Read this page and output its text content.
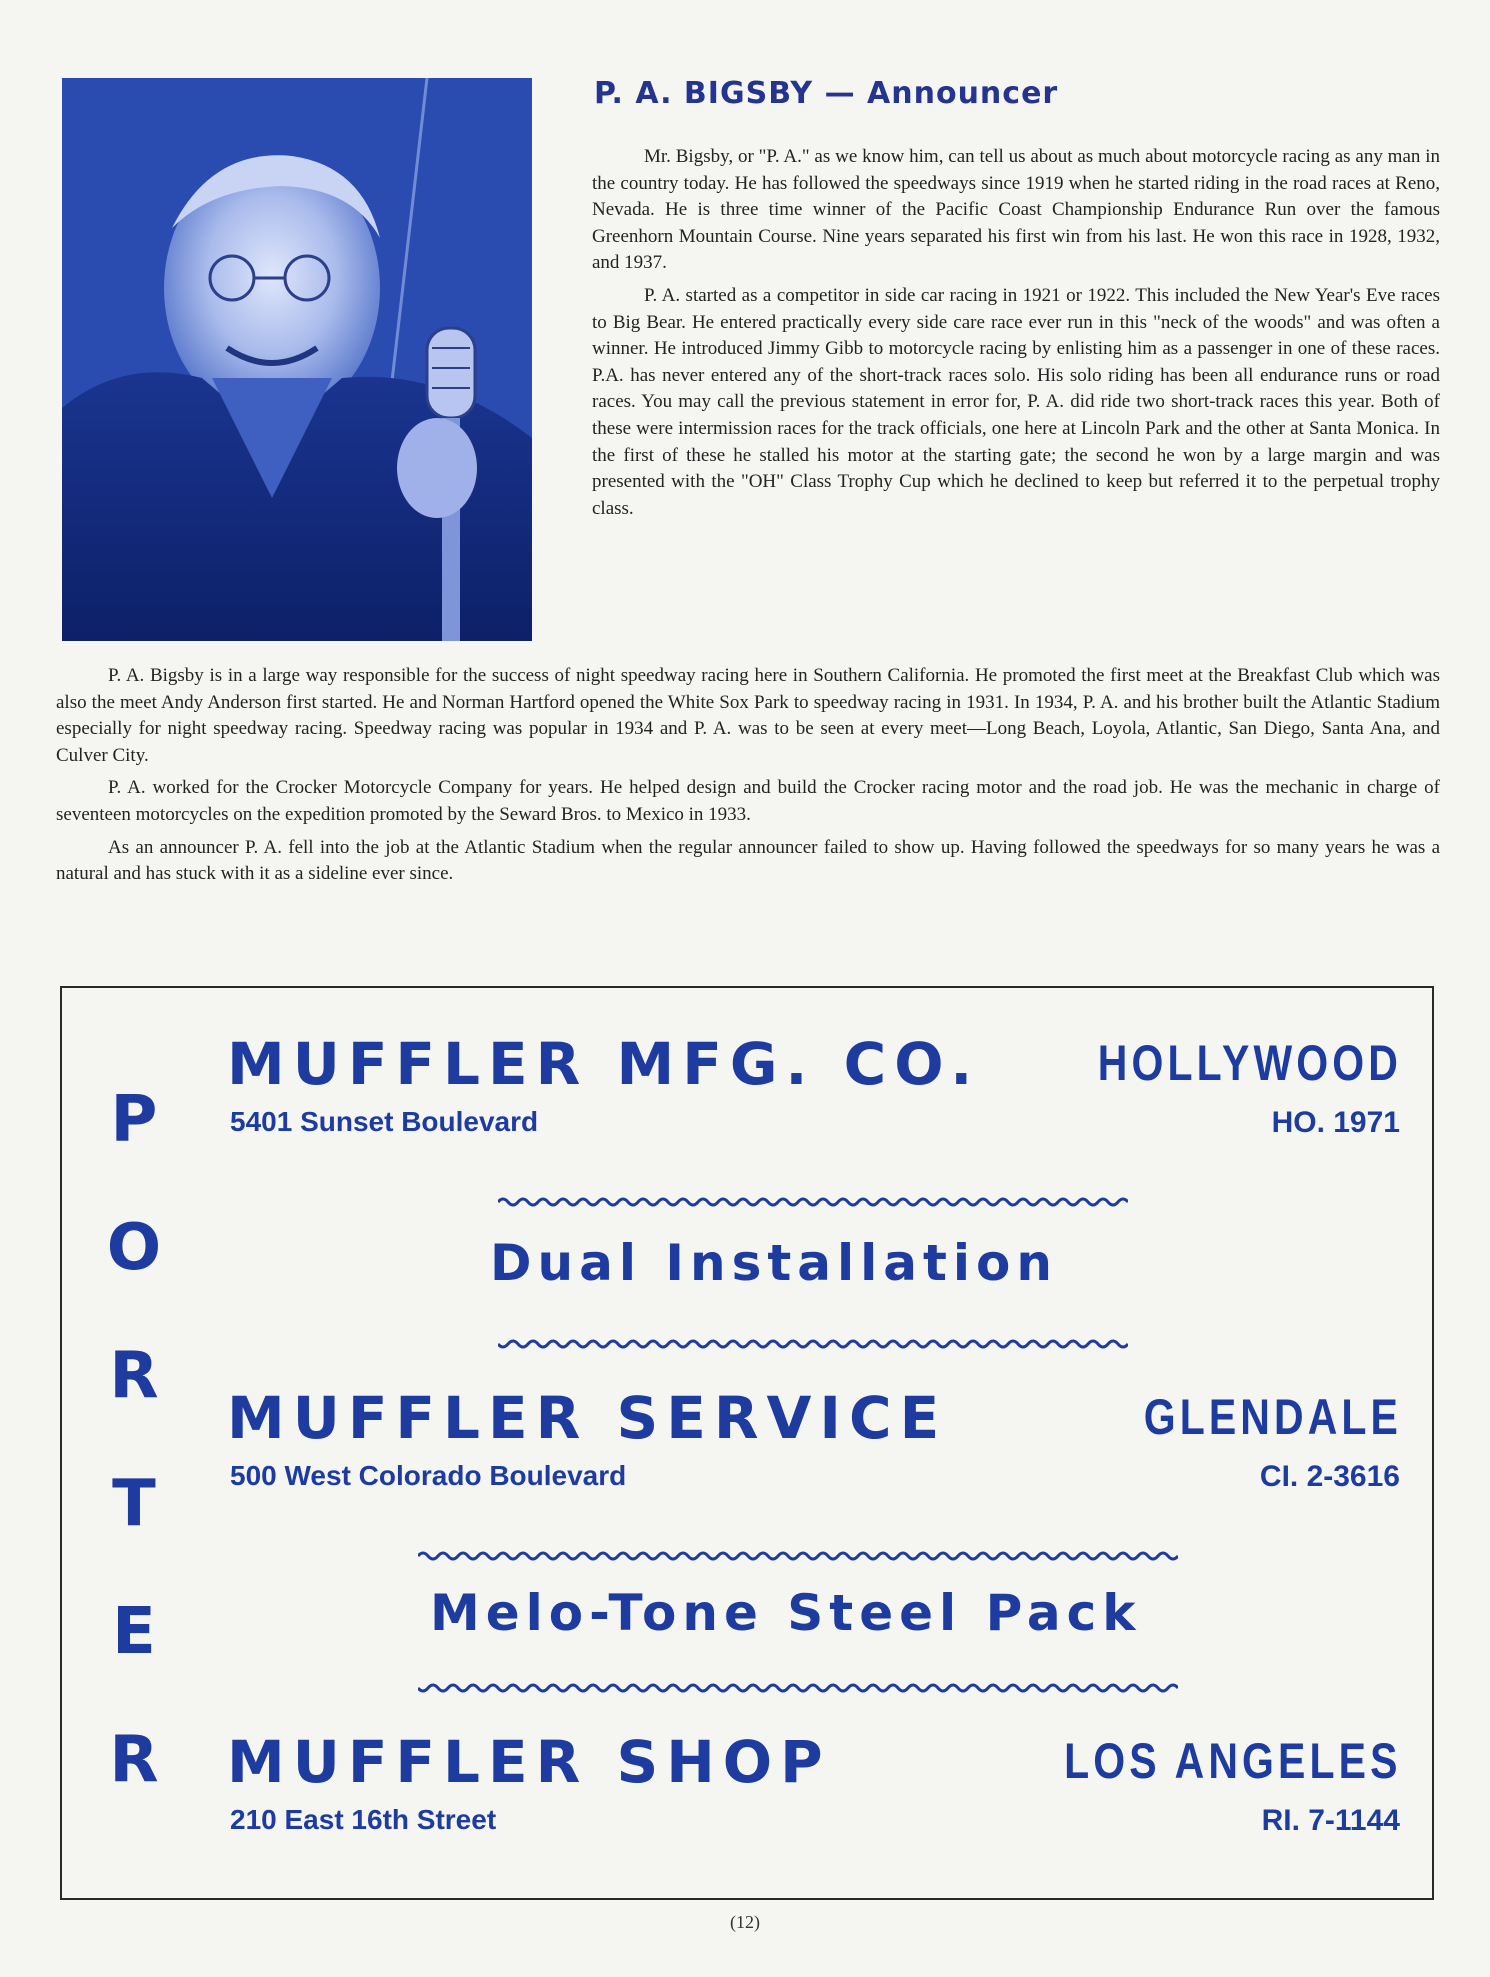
P. A. BIGSBY — Announcer

Mr. Bigsby, or "P. A." as we know him, can tell us about as much about motorcycle racing as any man in the country today. He has followed the speedways since 1919 when he started riding in the road races at Reno, Nevada. He is three time winner of the Pacific Coast Championship Endurance Run over the famous Greenhorn Mountain Course. Nine years separated his first win from his last. He won this race in 1928, 1932, and 1937.

P. A. started as a competitor in side car racing in 1921 or 1922. This included the New Year's Eve races to Big Bear. He entered practically every side care race ever run in this "neck of the woods" and was often a winner. He introduced Jimmy Gibb to motorcycle racing by enlisting him as a passenger in one of these races. P.A. has never entered any of the short-track races solo. His solo riding has been all endurance runs or road races. You may call the previous statement in error for, P. A. did ride two short-track races this year. Both of these were intermission races for the track officials, one here at Lincoln Park and the other at Santa Monica. In the first of these he stalled his motor at the starting gate; the second he won by a large margin and was presented with the "OH" Class Trophy Cup which he declined to keep but referred it to the perpetual trophy class.

P. A. Bigsby is in a large way responsible for the success of night speedway racing here in Southern California. He promoted the first meet at the Breakfast Club which was also the meet Andy Anderson first started. He and Norman Hartford opened the White Sox Park to speedway racing in 1931. In 1934, P. A. and his brother built the Atlantic Stadium especially for night speedway racing. Speedway racing was popular in 1934 and P. A. was to be seen at every meet—Long Beach, Loyola, Atlantic, San Diego, Santa Ana, and Culver City.

P. A. worked for the Crocker Motorcycle Company for years. He helped design and build the Crocker racing motor and the road job. He was the mechanic in charge of seventeen motorcycles on the expedition promoted by the Seward Bros. to Mexico in 1933.

As an announcer P. A. fell into the job at the Atlantic Stadium when the regular announcer failed to show up. Having followed the speedways for so many years he was a natural and has stuck with it as a sideline ever since.

P
O
R
T
E
R
MUFFLER MFG. CO.
5401 Sunset Boulevard
HOLLYWOOD
HO. 1971
Dual Installation
MUFFLER SERVICE
500 West Colorado Boulevard
GLENDALE
CI. 2-3616
Melo-Tone Steel Pack
MUFFLER SHOP
210 East 16th Street
LOS ANGELES
RI. 7-1144
(12)
